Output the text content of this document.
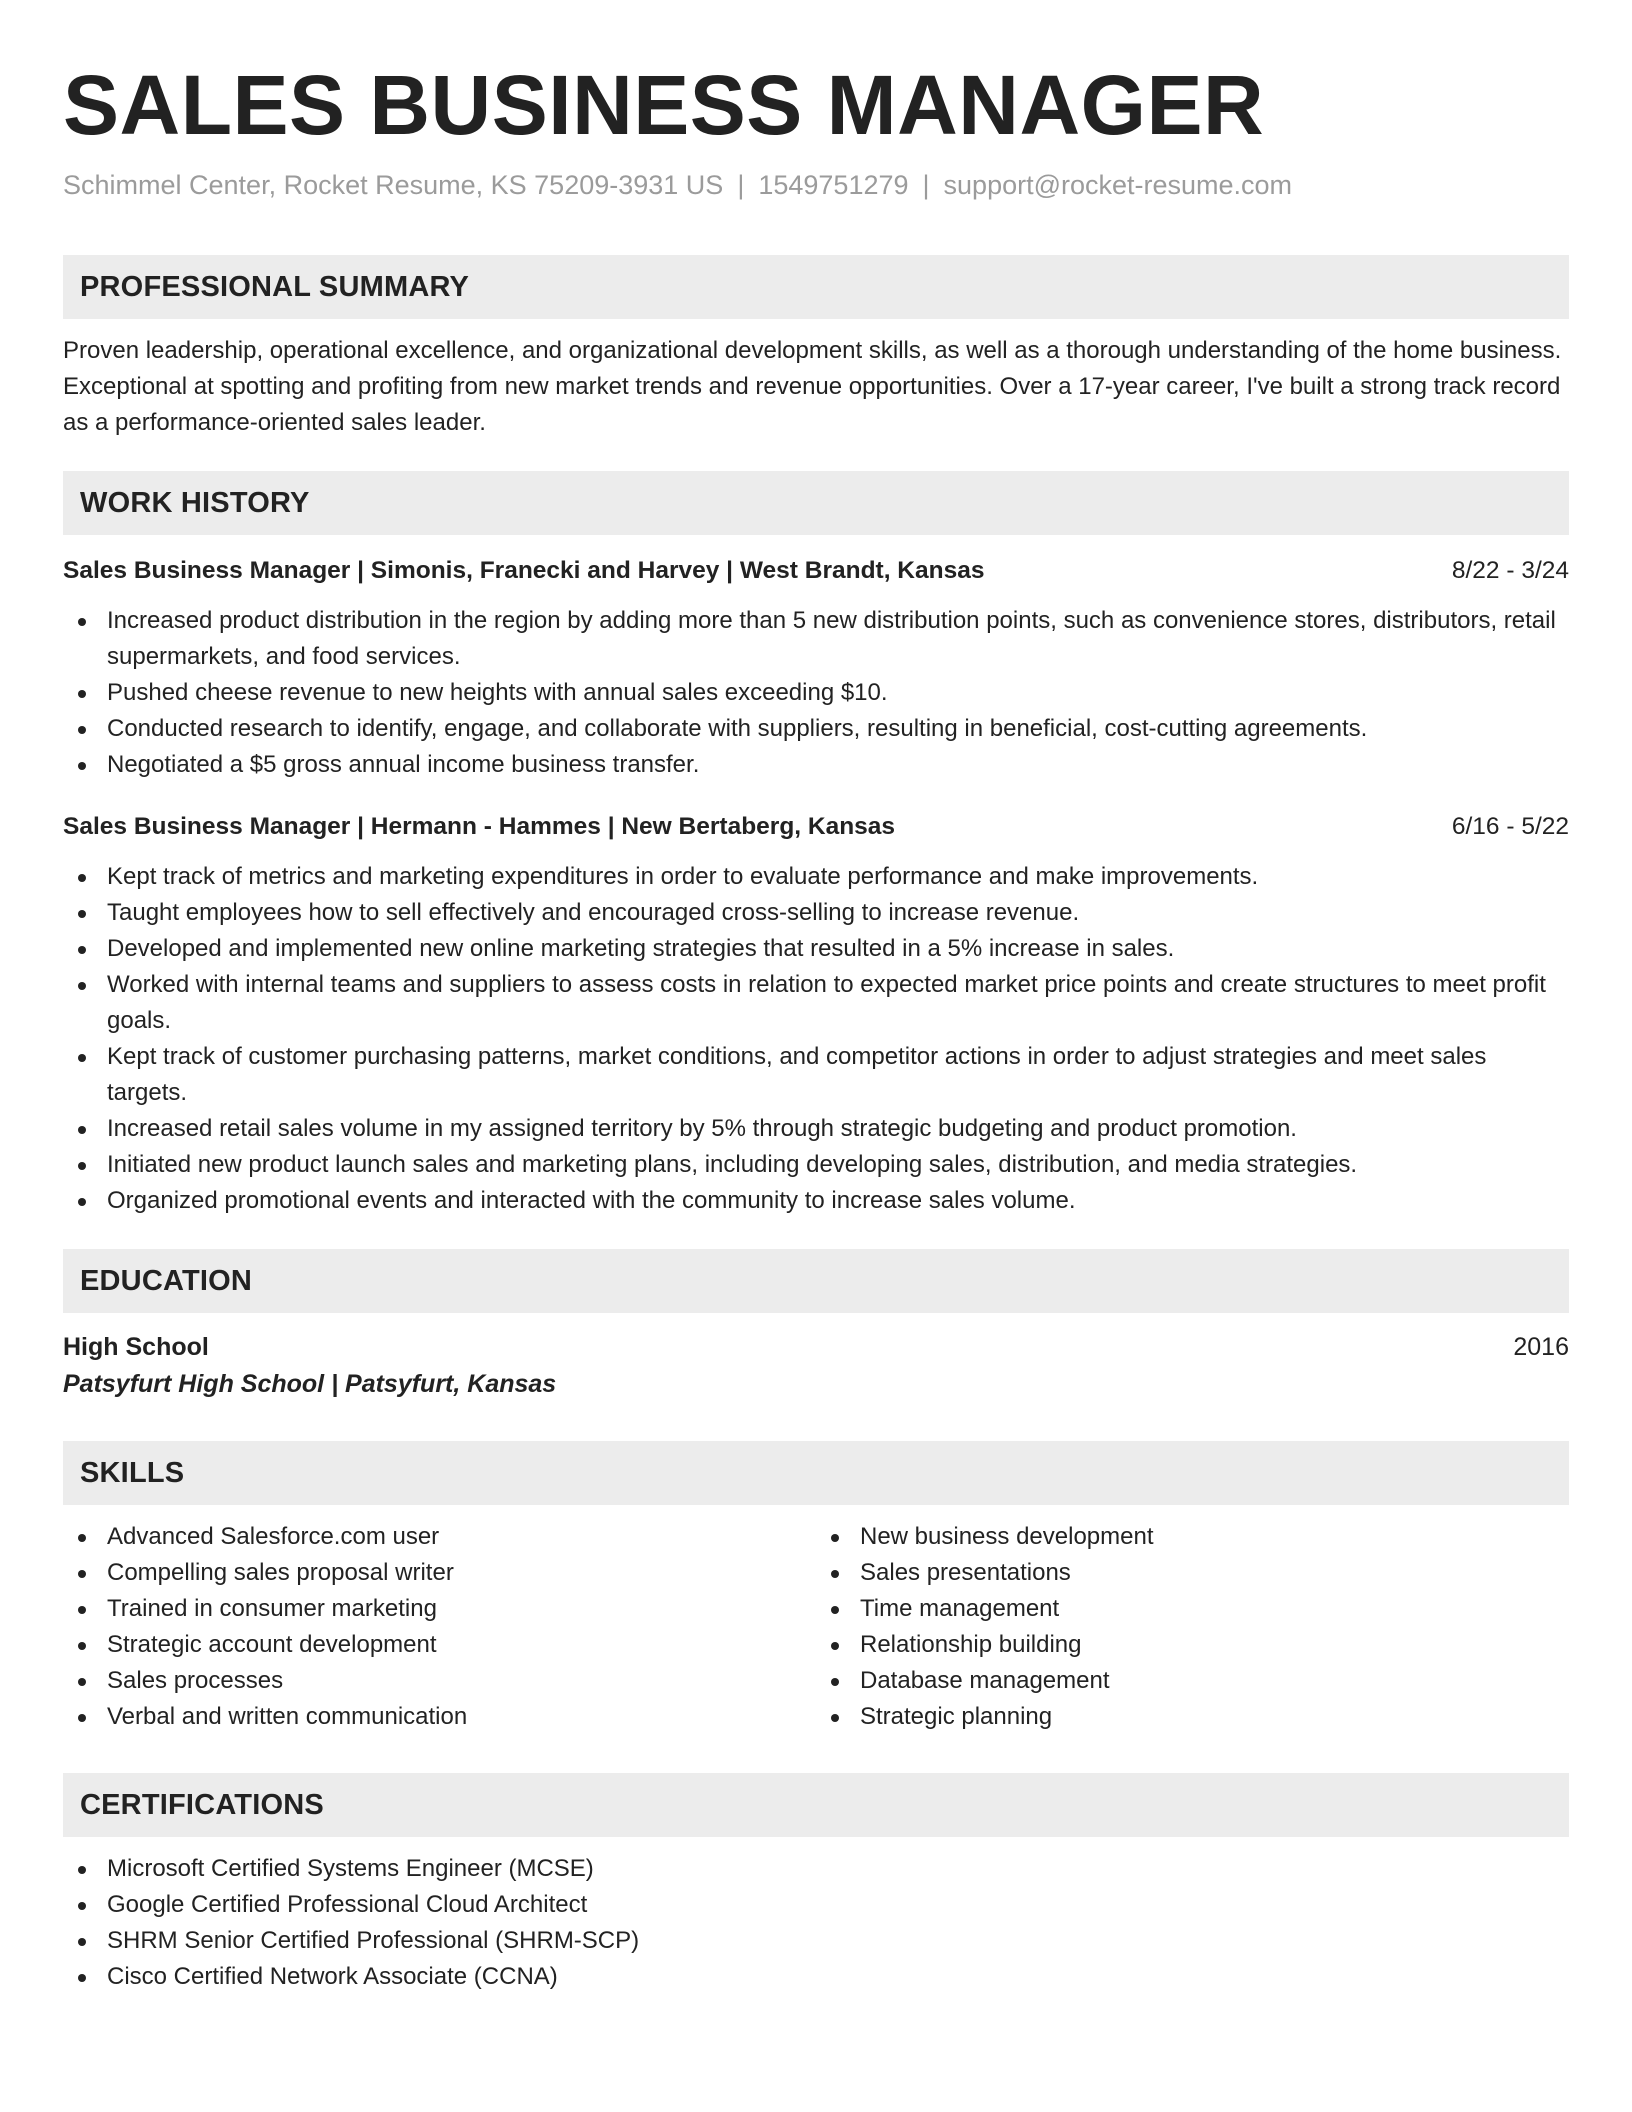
SALES BUSINESS MANAGER
Schimmel Center, Rocket Resume, KS 75209-3931 US | 1549751279 | support@rocket-resume.com
PROFESSIONAL SUMMARY
Proven leadership, operational excellence, and organizational development skills, as well as a thorough understanding of the home business. Exceptional at spotting and profiting from new market trends and revenue opportunities. Over a 17-year career, I've built a strong track record as a performance-oriented sales leader.
WORK HISTORY
Sales Business Manager | Simonis, Franecki and Harvey | West Brandt, Kansas	8/22 - 3/24
Increased product distribution in the region by adding more than 5 new distribution points, such as convenience stores, distributors, retail supermarkets, and food services.
Pushed cheese revenue to new heights with annual sales exceeding $10.
Conducted research to identify, engage, and collaborate with suppliers, resulting in beneficial, cost-cutting agreements.
Negotiated a $5 gross annual income business transfer.
Sales Business Manager | Hermann - Hammes | New Bertaberg, Kansas	6/16 - 5/22
Kept track of metrics and marketing expenditures in order to evaluate performance and make improvements.
Taught employees how to sell effectively and encouraged cross-selling to increase revenue.
Developed and implemented new online marketing strategies that resulted in a 5% increase in sales.
Worked with internal teams and suppliers to assess costs in relation to expected market price points and create structures to meet profit goals.
Kept track of customer purchasing patterns, market conditions, and competitor actions in order to adjust strategies and meet sales targets.
Increased retail sales volume in my assigned territory by 5% through strategic budgeting and product promotion.
Initiated new product launch sales and marketing plans, including developing sales, distribution, and media strategies.
Organized promotional events and interacted with the community to increase sales volume.
EDUCATION
High School	2016
Patsyfurt High School | Patsyfurt, Kansas
SKILLS
Advanced Salesforce.com user
Compelling sales proposal writer
Trained in consumer marketing
Strategic account development
Sales processes
Verbal and written communication
New business development
Sales presentations
Time management
Relationship building
Database management
Strategic planning
CERTIFICATIONS
Microsoft Certified Systems Engineer (MCSE)
Google Certified Professional Cloud Architect
SHRM Senior Certified Professional (SHRM-SCP)
Cisco Certified Network Associate (CCNA)
